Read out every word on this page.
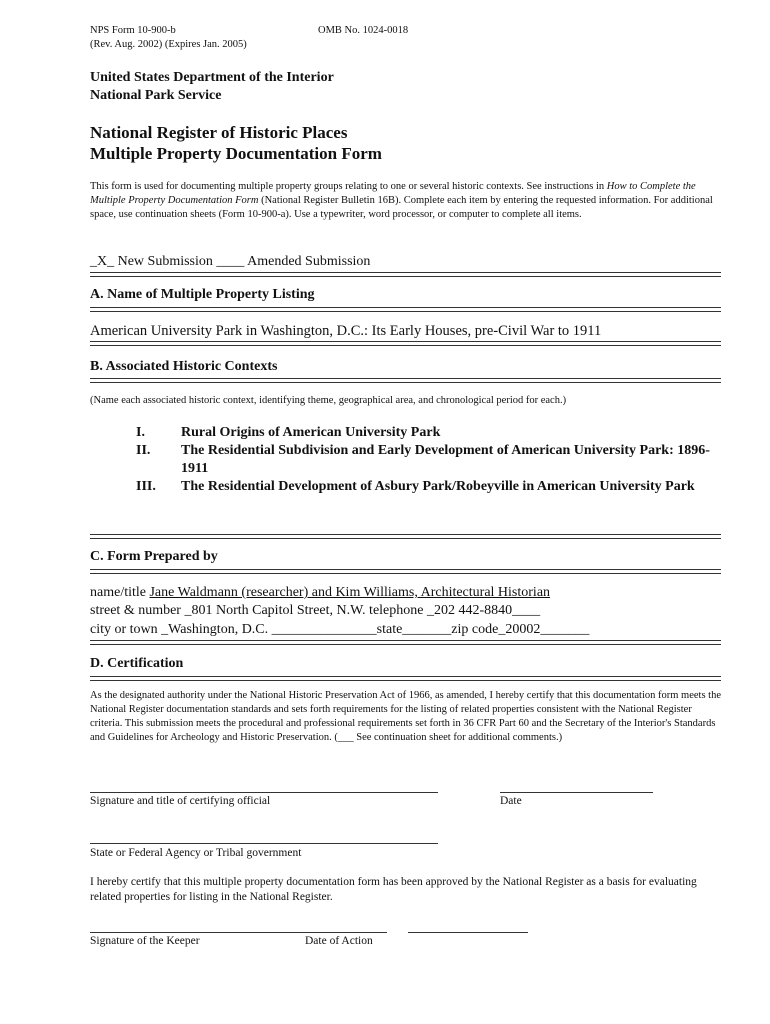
NPS Form 10-900-b	OMB No. 1024-0018
(Rev. Aug. 2002) (Expires Jan. 2005)
United States Department of the Interior
National Park Service
National Register of Historic Places
Multiple Property Documentation Form
This form is used for documenting multiple property groups relating to one or several historic contexts. See instructions in How to Complete the Multiple Property Documentation Form (National Register Bulletin 16B). Complete each item by entering the requested information. For additional space, use continuation sheets (Form 10-900-a). Use a typewriter, word processor, or computer to complete all items.
_X_ New Submission ____ Amended Submission
A. Name of Multiple Property Listing
American University Park in Washington, D.C.: Its Early Houses, pre-Civil War to 1911
B. Associated Historic Contexts
(Name each associated historic context, identifying theme, geographical area, and chronological period for each.)
I.	Rural Origins of American University Park
II.	The Residential Subdivision and Early Development of American University Park: 1896-1911
III.	The Residential Development of Asbury Park/Robeyville in American University Park
C. Form Prepared by
name/title Jane Waldmann (researcher) and Kim Williams, Architectural Historian
street & number _801 North Capitol Street, N.W. telephone _202 442-8840____
city or town _Washington, D.C. _______________state_______zip code_20002_______
D. Certification
As the designated authority under the National Historic Preservation Act of 1966, as amended, I hereby certify that this documentation form meets the National Register documentation standards and sets forth requirements for the listing of related properties consistent with the National Register criteria. This submission meets the procedural and professional requirements set forth in 36 CFR Part 60 and the Secretary of the Interior's Standards and Guidelines for Archeology and Historic Preservation. (___ See continuation sheet for additional comments.)
Signature and title of certifying official	Date
State or Federal Agency or Tribal government
I hereby certify that this multiple property documentation form has been approved by the National Register as a basis for evaluating related properties for listing in the National Register.
Signature of the Keeper	Date of Action
